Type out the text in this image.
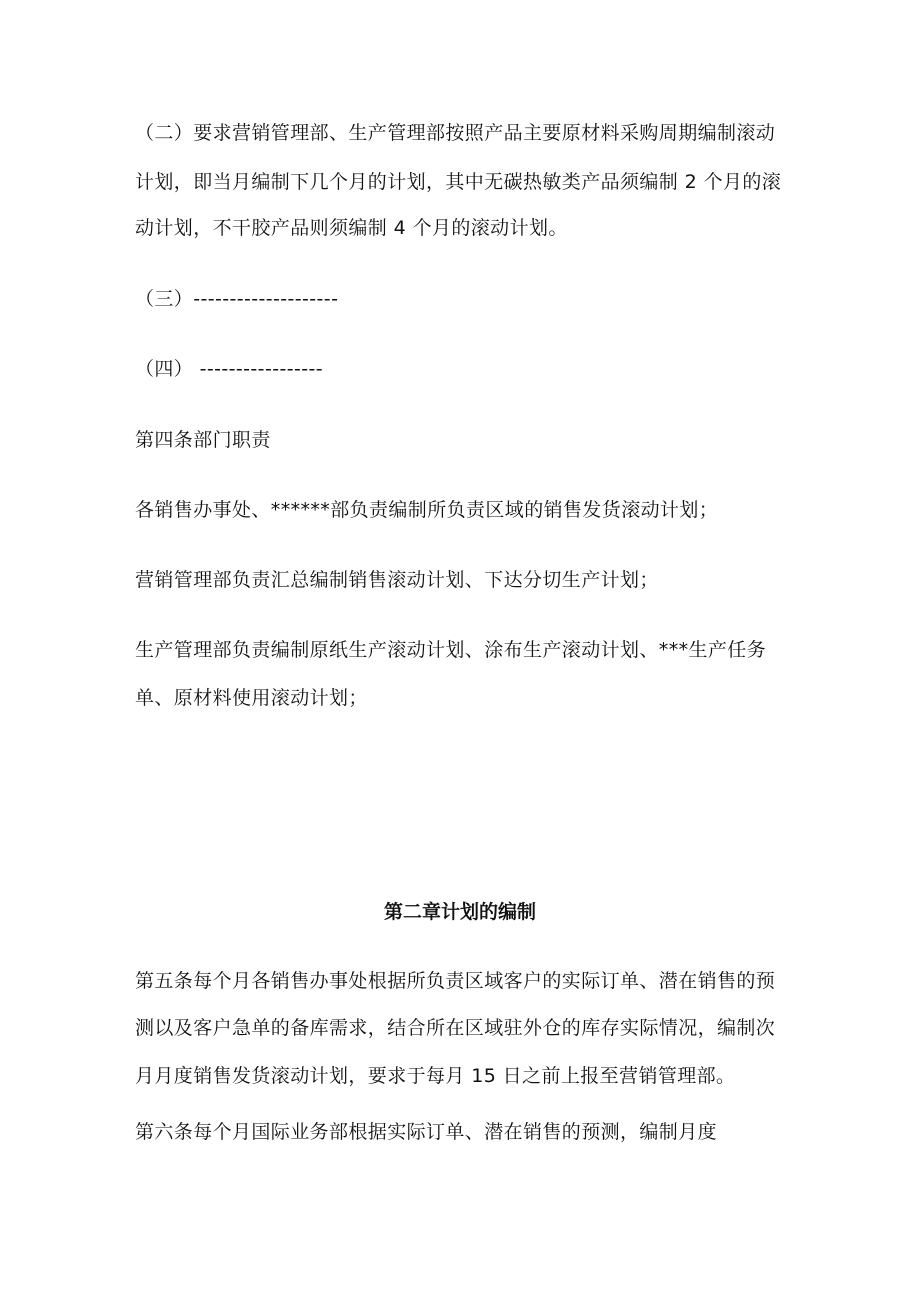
（二）要求营销管理部、生产管理部按照产品主要原材料采购周期编制滚动
计划，即当月编制下几个月的计划，其中无碳热敏类产品须编制 2 个月的滚
动计划，不干胶产品则须编制 4 个月的滚动计划。
（三）--------------------
（四） -----------------
第四条部门职责
各销售办事处、******部负责编制所负责区域的销售发货滚动计划；
营销管理部负责汇总编制销售滚动计划、下达分切生产计划；
生产管理部负责编制原纸生产滚动计划、涂布生产滚动计划、***生产任务
单、原材料使用滚动计划；
第二章计划的编制
第五条每个月各销售办事处根据所负责区域客户的实际订单、潜在销售的预
测以及客户急单的备库需求，结合所在区域驻外仓的库存实际情况，编制次
月月度销售发货滚动计划，要求于每月 15 日之前上报至营销管理部。
第六条每个月国际业务部根据实际订单、潜在销售的预测，编制月度
